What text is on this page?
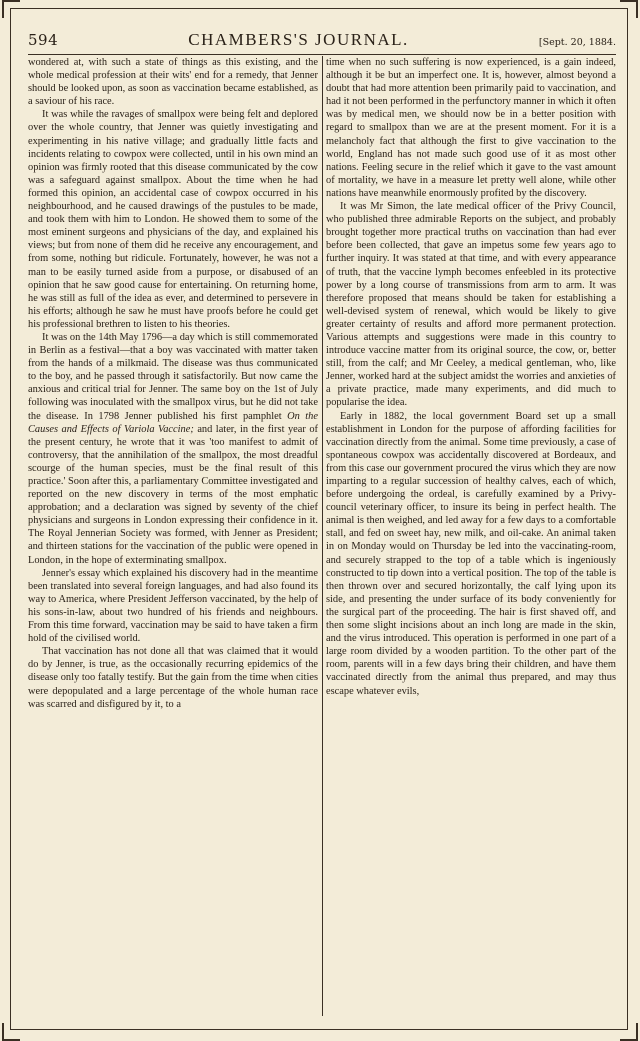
594	CHAMBERS'S JOURNAL.	[Sept. 20, 1884.

wondered at, with such a state of things as this existing, and the whole medical profession at their wits' end for a remedy, that Jenner should be looked upon, as soon as vaccination became established, as a saviour of his race.

It was while the ravages of smallpox were being felt and deplored over the whole country, that Jenner was quietly investigating and experimenting in his native village; and gradually little facts and incidents relating to cowpox were collected, until in his own mind an opinion was firmly rooted that this disease communicated by the cow was a safeguard against smallpox. About the time when he had formed this opinion, an accidental case of cowpox occurred in his neighbourhood, and he caused drawings of the pustules to be made, and took them with him to London. He showed them to some of the most eminent surgeons and physicians of the day, and explained his views; but from none of them did he receive any encouragement, and from some, nothing but ridicule. Fortunately, however, he was not a man to be easily turned aside from a purpose, or disabused of an opinion that he saw good cause for entertaining. On returning home, he was still as full of the idea as ever, and determined to persevere in his efforts; although he saw he must have proofs before he could get his professional brethren to listen to his theories.

It was on the 14th May 1796—a day which is still commemorated in Berlin as a festival—that a boy was vaccinated with matter taken from the hands of a milkmaid. The disease was thus communicated to the boy, and he passed through it satisfactorily. But now came the anxious and critical trial for Jenner. The same boy on the 1st of July following was inoculated with the smallpox virus, but he did not take the disease. In 1798 Jenner published his first pamphlet On the Causes and Effects of Variola Vaccine; and later, in the first year of the present century, he wrote that it was 'too manifest to admit of controversy, that the annihilation of the smallpox, the most dreadful scourge of the human species, must be the final result of this practice.' Soon after this, a parliamentary Committee investigated and reported on the new discovery in terms of the most emphatic approbation; and a declaration was signed by seventy of the chief physicians and surgeons in London expressing their confidence in it. The Royal Jennerian Society was formed, with Jenner as President; and thirteen stations for the vaccination of the public were opened in London, in the hope of exterminating smallpox.

Jenner's essay which explained his discovery had in the meantime been translated into several foreign languages, and had also found its way to America, where President Jefferson vaccinated, by the help of his sons-in-law, about two hundred of his friends and neighbours. From this time forward, vaccination may be said to have taken a firm hold of the civilised world.

That vaccination has not done all that was claimed that it would do by Jenner, is true, as the occasionally recurring epidemics of the disease only too fatally testify. But the gain from the time when cities were depopulated and a large percentage of the whole human race was scarred and disfigured by it, to a

time when no such suffering is now experienced, is a gain indeed, although it be but an imperfect one. It is, however, almost beyond a doubt that had more attention been primarily paid to vaccination, and had it not been performed in the perfunctory manner in which it often was by medical men, we should now be in a better position with regard to smallpox than we are at the present moment. For it is a melancholy fact that although the first to give vaccination to the world, England has not made such good use of it as most other nations. Feeling secure in the relief which it gave to the vast amount of mortality, we have in a measure let pretty well alone, while other nations have meanwhile enormously profited by the discovery.

It was Mr Simon, the late medical officer of the Privy Council, who published three admirable Reports on the subject, and probably brought together more practical truths on vaccination than had ever before been collected, that gave an impetus some few years ago to further inquiry. It was stated at that time, and with every appearance of truth, that the vaccine lymph becomes enfeebled in its protective power by a long course of transmissions from arm to arm. It was therefore proposed that means should be taken for establishing a well-devised system of renewal, which would be likely to give greater certainty of results and afford more permanent protection. Various attempts and suggestions were made in this country to introduce vaccine matter from its original source, the cow, or, better still, from the calf; and Mr Ceeley, a medical gentleman, who, like Jenner, worked hard at the subject amidst the worries and anxieties of a private practice, made many experiments, and did much to popularise the idea.

Early in 1882, the local government Board set up a small establishment in London for the purpose of affording facilities for vaccination directly from the animal. Some time previously, a case of spontaneous cowpox was accidentally discovered at Bordeaux, and from this case our government procured the virus which they are now imparting to a regular succession of healthy calves, each of which, before undergoing the ordeal, is carefully examined by a Privy-council veterinary officer, to insure its being in perfect health. The animal is then weighed, and led away for a few days to a comfortable stall, and fed on sweet hay, new milk, and oil-cake. An animal taken in on Monday would on Thursday be led into the vaccinating-room, and securely strapped to the top of a table which is ingeniously constructed to tip down into a vertical position. The top of the table is then thrown over and secured horizontally, the calf lying upon its side, and presenting the under surface of its body conveniently for the surgical part of the proceeding. The hair is first shaved off, and then some slight incisions about an inch long are made in the skin, and the virus introduced. This operation is performed in one part of a large room divided by a wooden partition. To the other part of the room, parents will in a few days bring their children, and have them vaccinated directly from the animal thus prepared, and may thus escape whatever evils,
